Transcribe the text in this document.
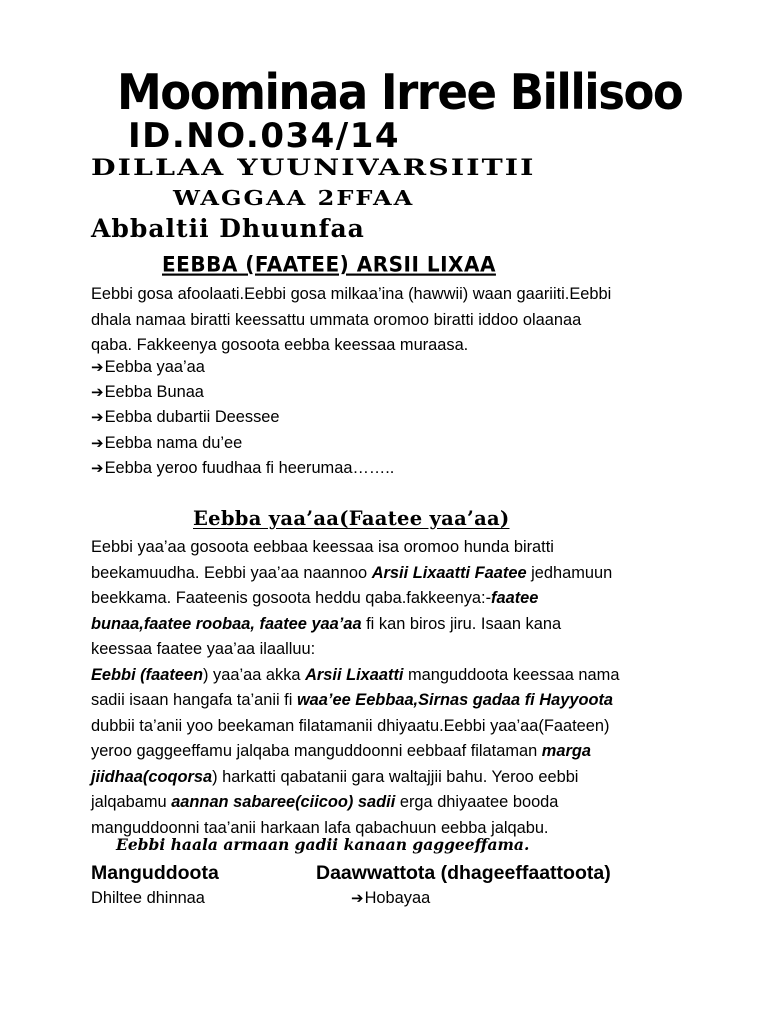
Moominaa Irree Billisoo
ID.NO.034/14
DILLAA YUUNIVARSIITII
WAGGAA 2FFAA
Abbaltii Dhuunfaa
EEBBA (FAATEE) ARSII LIXAA
Eebbi gosa afoolaati.Eebbi gosa milkaa’ina (hawwii) waan gaariiti.Eebbi
dhala namaa biratti keessattu ummata oromoo biratti iddoo olaanaa
qaba. Fakkeenya gosoota eebba keessaa muraasa.
➔Eebba yaa’aa
➔Eebba Bunaa
➔Eebba dubartii Deessee
➔Eebba nama du’ee
➔Eebba yeroo fuudhaa fi heerumaa……..
Eebba yaa’aa(Faatee yaa’aa)
Eebbi yaa’aa gosoota eebbaa keessaa isa oromoo hunda biratti
beekamuudha. Eebbi yaa’aa naannoo Arsii Lixaatti Faatee jedhamuun
beekkama. Faateenis gosoota heddu qaba.fakkeenya:-faatee
bunaa,faatee roobaa, faatee yaa’aa fi kan biros jiru. Isaan kana
keessaa faatee yaa’aa ilaalluu:
Eebbi (faateen) yaa’aa akka Arsii Lixaatti manguddoota keessaa nama
sadii isaan hangafa ta’anii fi waa’ee Eebbaa,Sirnas gadaa fi Hayyoota
dubbii ta’anii yoo beekaman filatamanii dhiyaatu.Eebbi yaa’aa(Faateen)
yeroo gaggeeffamu jalqaba manguddoonni eebbaaf filataman marga
jiidhaa(coqorsa) harkatti qabatanii gara waltajjii bahu. Yeroo eebbi
jalqabamu aannan sabaree(ciicoo) sadii erga dhiyaatee booda
manguddoonni taa’anii harkaan lafa qabachuun eebba jalqabu.
Eebbi haala armaan gadii kanaan gaggeeffama.
Manguddoota	Daawwattota (dhageeffaattoota)
Dhiltee dhinnaa	➔Hobayaa
